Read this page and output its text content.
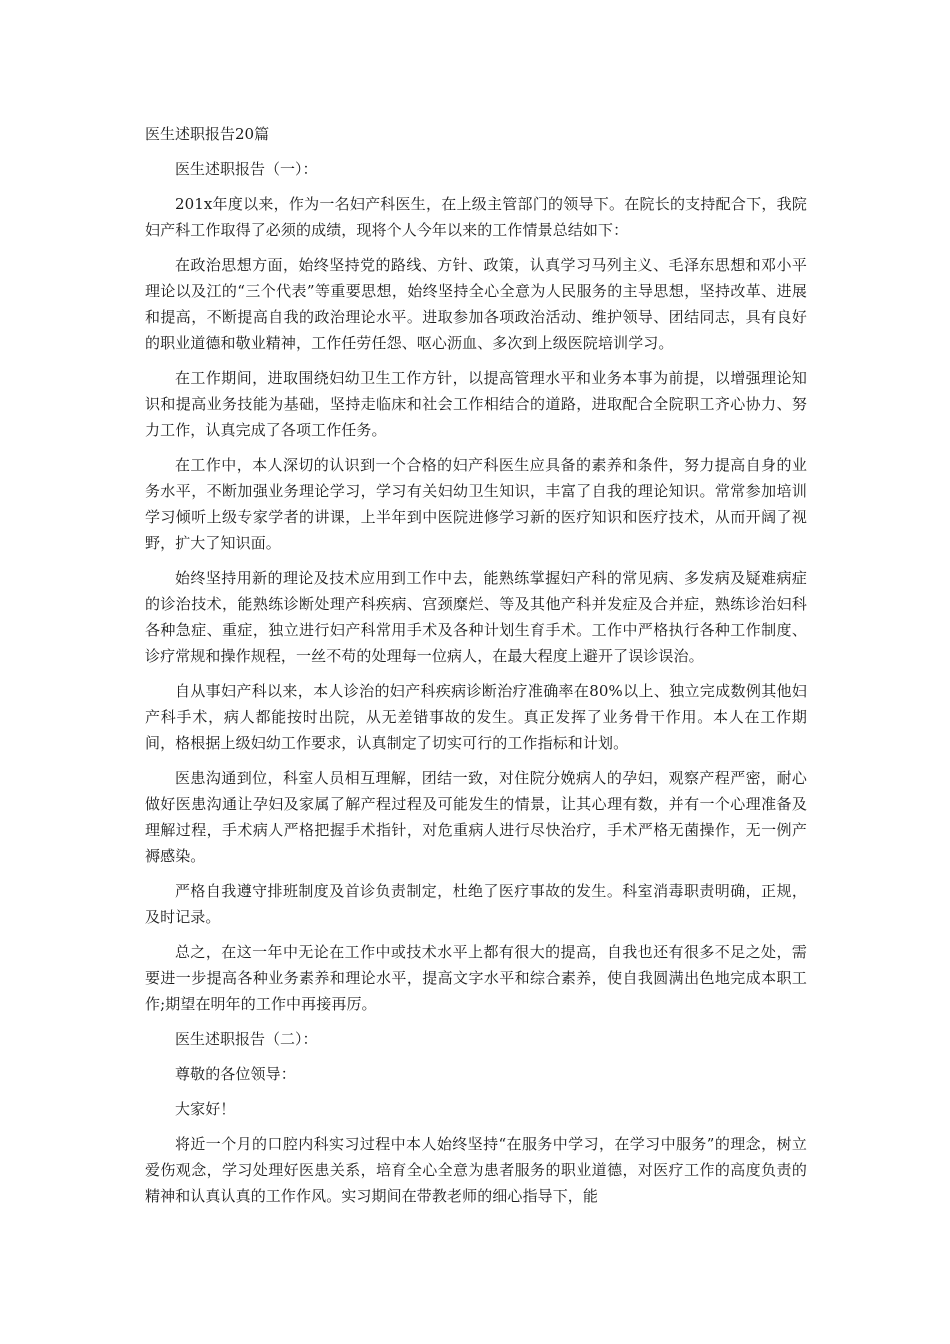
医生述职报告20篇

医生述职报告（一）：

201x年度以来，作为一名妇产科医生，在上级主管部门的领导下。在院长的支持配合下，我院妇产科工作取得了必须的成绩，现将个人今年以来的工作情景总结如下：

在政治思想方面，始终坚持党的路线、方针、政策，认真学习马列主义、毛泽东思想和邓小平理论以及江的“三个代表”等重要思想，始终坚持全心全意为人民服务的主导思想，坚持改革、进展和提高，不断提高自我的政治理论水平。进取参加各项政治活动、维护领导、团结同志，具有良好的职业道德和敬业精神，工作任劳任怨、呕心沥血、多次到上级医院培训学习。

在工作期间，进取围绕妇幼卫生工作方针，以提高管理水平和业务本事为前提，以增强理论知识和提高业务技能为基础，坚持走临床和社会工作相结合的道路，进取配合全院职工齐心协力、努力工作，认真完成了各项工作任务。

在工作中，本人深切的认识到一个合格的妇产科医生应具备的素养和条件，努力提高自身的业务水平，不断加强业务理论学习，学习有关妇幼卫生知识，丰富了自我的理论知识。常常参加培训学习倾听上级专家学者的讲课，上半年到中医院进修学习新的医疗知识和医疗技术，从而开阔了视野，扩大了知识面。

始终坚持用新的理论及技术应用到工作中去，能熟练掌握妇产科的常见病、多发病及疑难病症的诊治技术，能熟练诊断处理产科疾病、宫颈糜烂、等及其他产科并发症及合并症，熟练诊治妇科各种急症、重症，独立进行妇产科常用手术及各种计划生育手术。工作中严格执行各种工作制度、诊疗常规和操作规程，一丝不苟的处理每一位病人，在最大程度上避开了误诊误治。

自从事妇产科以来，本人诊治的妇产科疾病诊断治疗准确率在80%以上、独立完成数例其他妇产科手术，病人都能按时出院，从无差错事故的发生。真正发挥了业务骨干作用。本人在工作期间，格根据上级妇幼工作要求，认真制定了切实可行的工作指标和计划。

医患沟通到位，科室人员相互理解，团结一致，对住院分娩病人的孕妇，观察产程严密，耐心做好医患沟通让孕妇及家属了解产程过程及可能发生的情景，让其心理有数，并有一个心理准备及理解过程，手术病人严格把握手术指针，对危重病人进行尽快治疗，手术严格无菌操作，无一例产褥感染。

严格自我遵守排班制度及首诊负责制定，杜绝了医疗事故的发生。科室消毒职责明确，正规，及时记录。

总之，在这一年中无论在工作中或技术水平上都有很大的提高，自我也还有很多不足之处，需要进一步提高各种业务素养和理论水平，提高文字水平和综合素养，使自我圆满出色地完成本职工作;期望在明年的工作中再接再厉。

医生述职报告（二）：

尊敬的各位领导：

大家好！

将近一个月的口腔内科实习过程中本人始终坚持“在服务中学习，在学习中服务”的理念，树立爱伤观念，学习处理好医患关系，培育全心全意为患者服务的职业道德，对医疗工作的高度负责的精神和认真认真的工作作风。实习期间在带教老师的细心指导下，能
